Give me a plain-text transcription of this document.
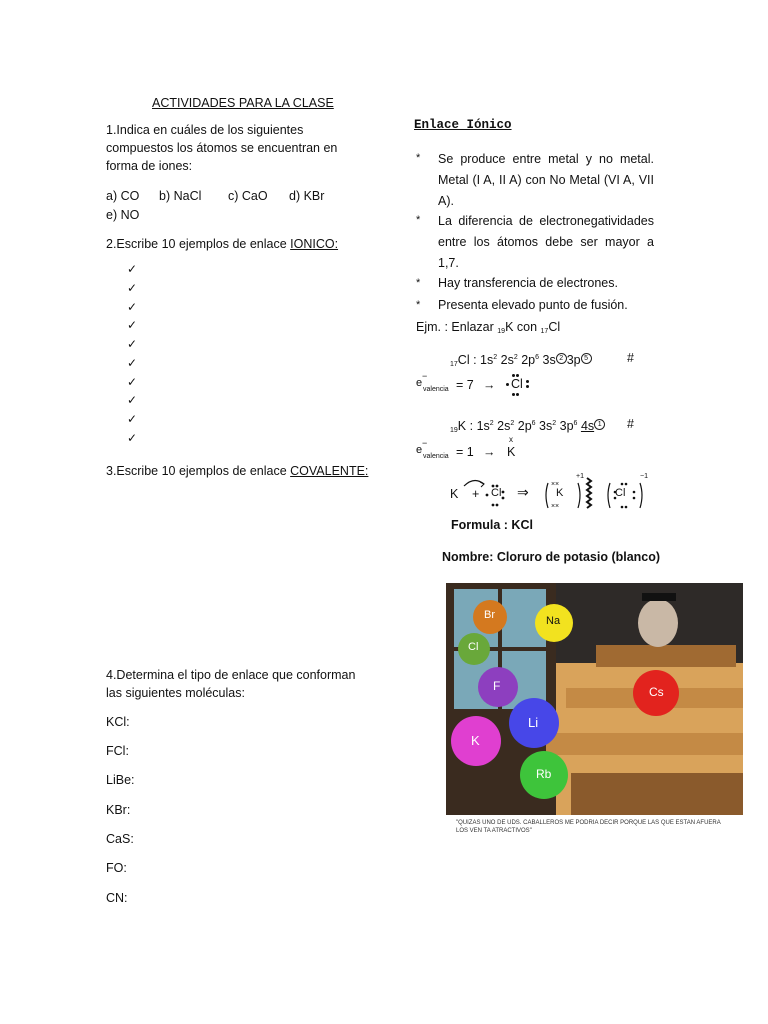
ACTIVIDADES PARA LA CLASE
1.Indica en cuáles de los siguientes compuestos los átomos se encuentran en forma de iones:
a) CO b) NaCl c) CaO d) KBr
e) NO
2.Escribe 10 ejemplos de enlace IONICO:
✓
✓
✓
✓
✓
✓
✓
✓
✓
✓
3.Escribe 10 ejemplos de enlace COVALENTE:
4.Determina el tipo de enlace que conforman las siguientes moléculas:
KCl:
FCl:
LiBe:
KBr:
CaS:
FO:
CN:
Enlace Iónico
* Se produce entre metal y no metal. Metal (I A, II A) con No Metal (VI A, VII A).
* La diferencia de electronegatividades entre los átomos debe ser mayor a 1,7.
* Hay transferencia de electrones.
* Presenta elevado punto de fusión.
Ejm. : Enlazar $_{19}$K con $_{17}$Cl
$_{17}$Cl : $1s^2$ $2s^2$ $2p^6$ 3s 2 3p 5	#
e
−
valencia = 7 → Cl
$_{19}$K : $1s^2$ $2s^2$ $2p^6$ $3s^2$ $3p^6$ 4s 1 #
e
−
valencia = 1 → K
x
K + Cl ⇒	× ×
× ×
K
+1
Cl
−1
Formula : KCl
Nombre: Cloruro de potasio (blanco)
Br	Na
Cl
F	Cs
K
Li
Rb
"QUIZAS UNO DE UDS. CABALLEROS ME PODRIA DECIR PORQUE LAS QUE ESTAN AFUERA LOS VEN TA ATRACTIVOS"
